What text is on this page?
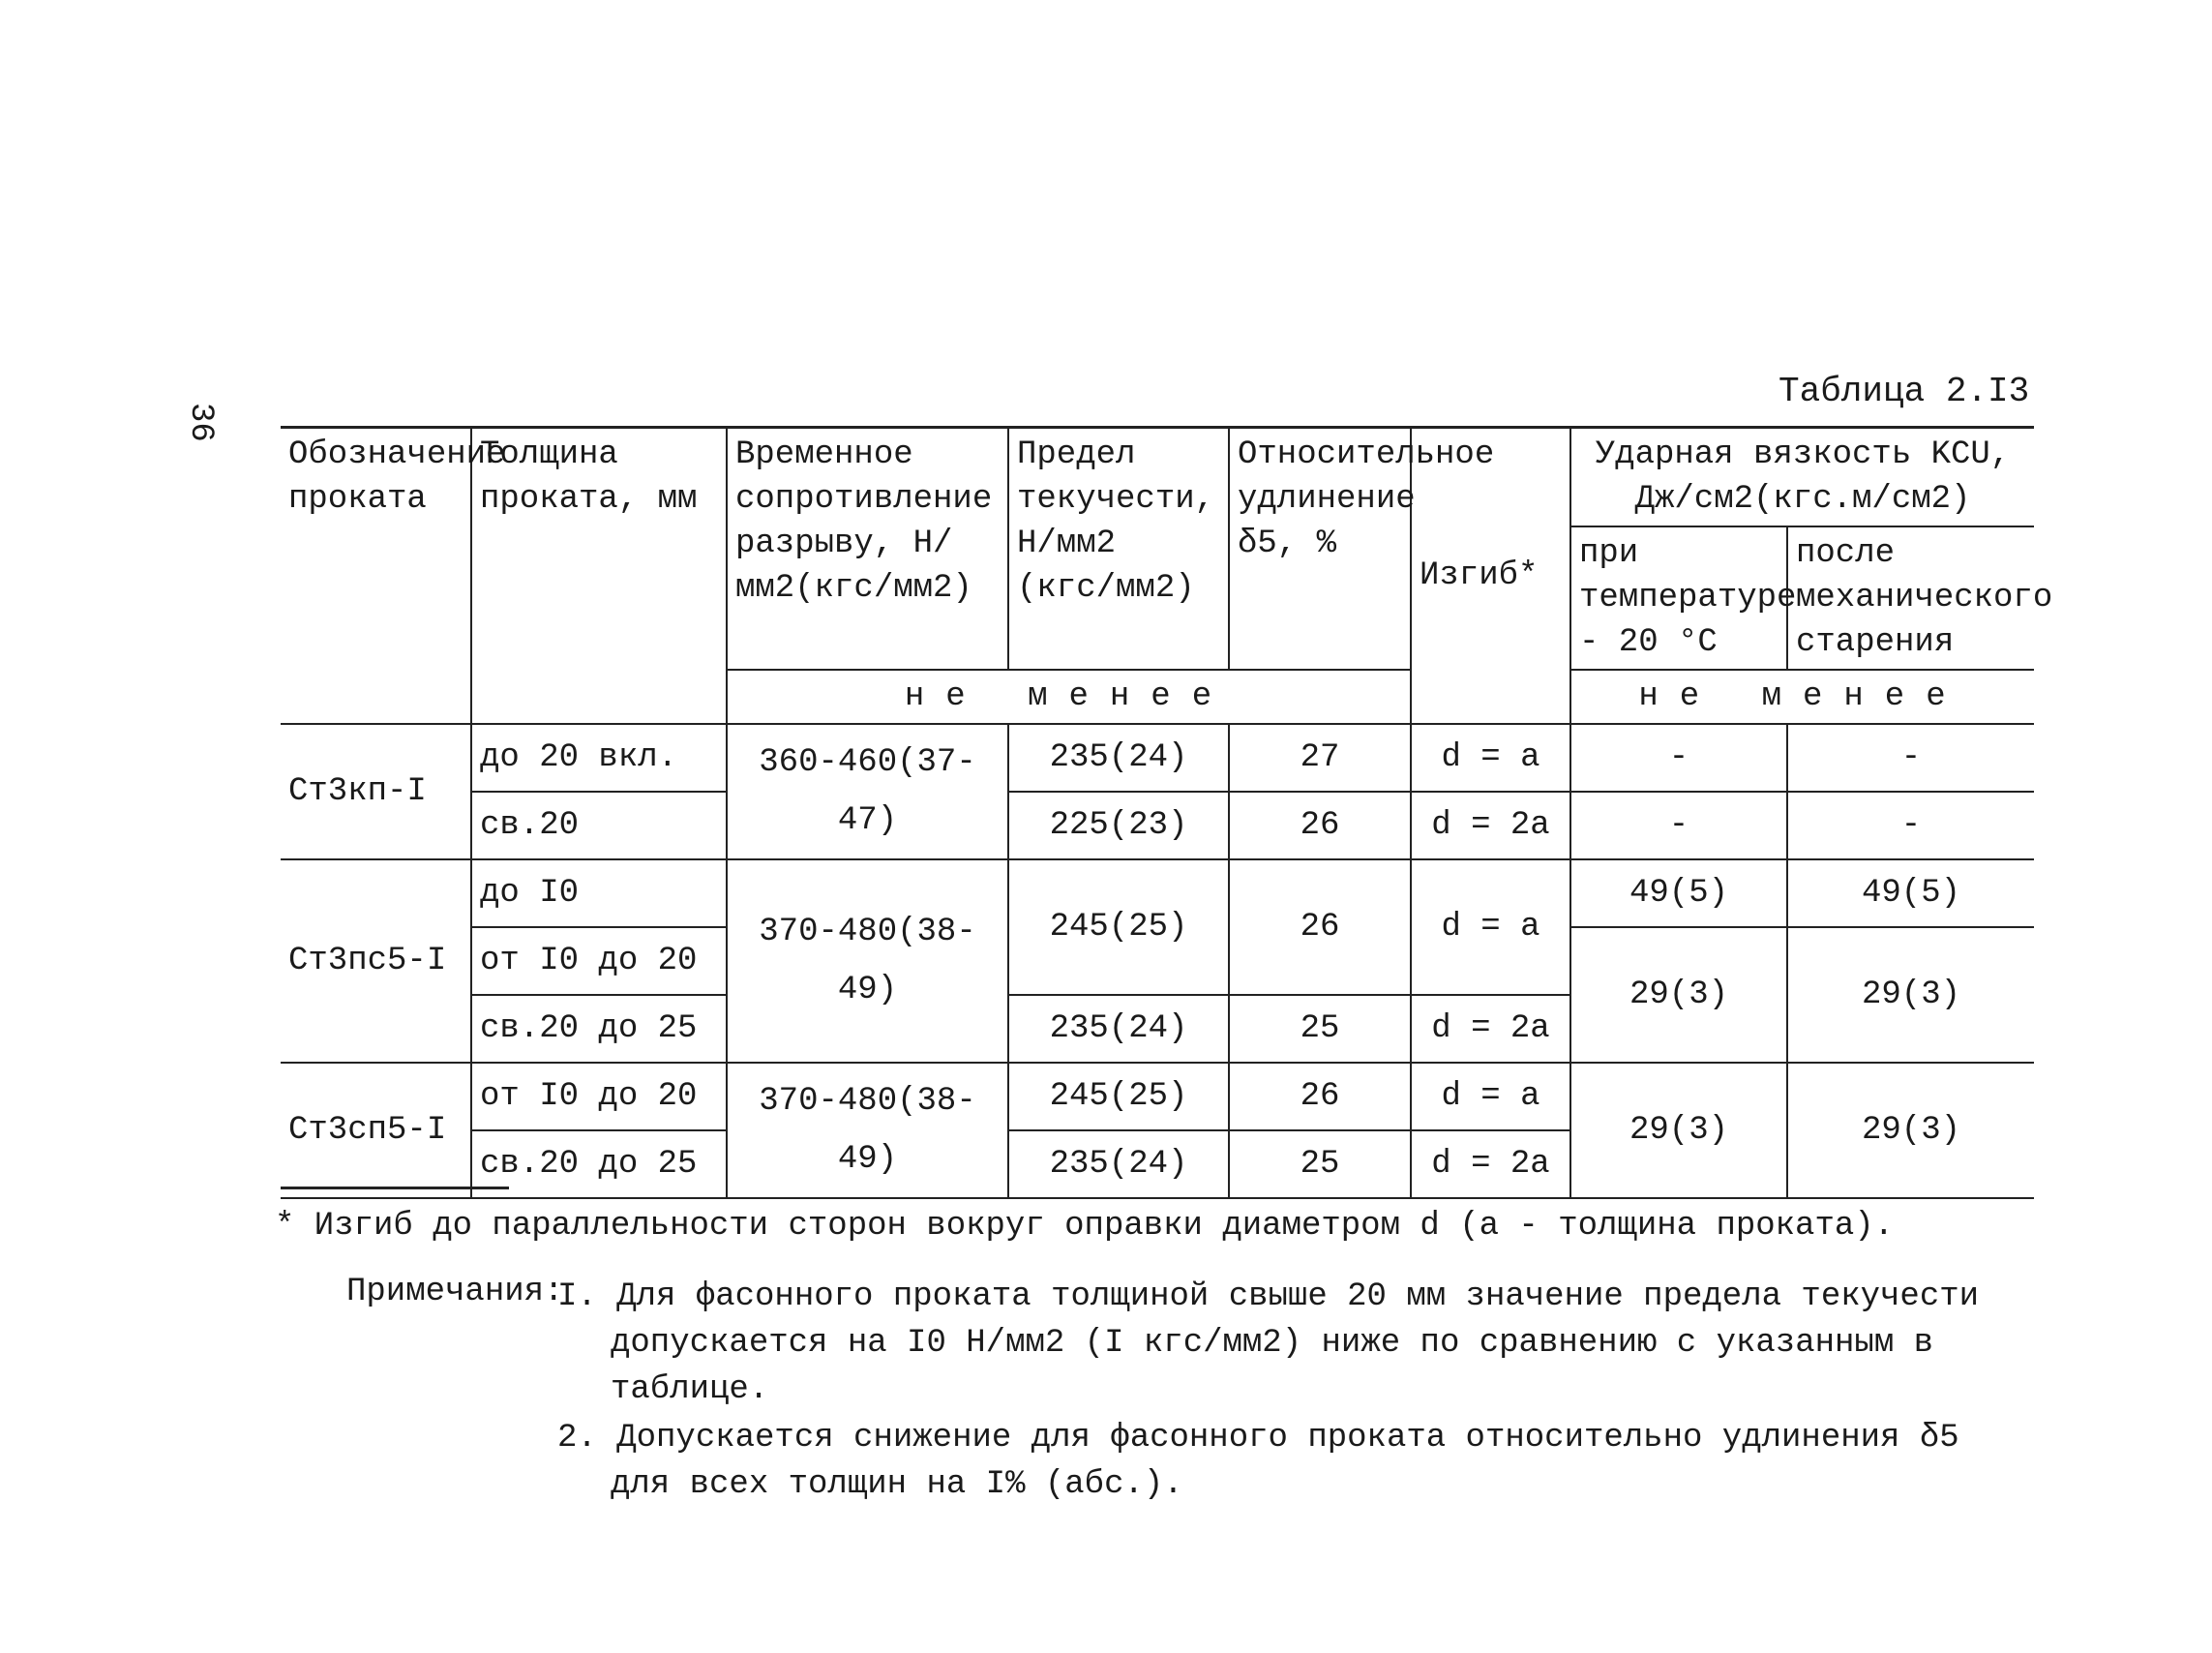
36
Таблица 2.I3
Обозначение проката	Толщина проката, мм	Временное сопротивление разрыву, Н/мм2(кгс/мм2)	Предел текучести, Н/мм2 (кгс/мм2)	Относительное удлинение δ5, %	Изгиб*	Ударная вязкость KCU, Дж/см2(кгс.м/см2)	
						при температуре - 20 °С	после механического старения
		не менее				не менее	
Ст3кп-I	до 20 вкл.	360-460(37-47)	235(24)	27	d = a	-	-
	св.20		225(23)	26	d = 2a	-	-
Ст3пс5-I	до I0	370-480(38-49)	245(25)	26	d = a	49(5)	49(5)
	от I0 до 20					29(3)	29(3)
	св.20 до 25		235(24)	25	d = 2a		
Ст3сп5-I	от I0 до 20	370-480(38-49)	245(25)	26	d = a	29(3)	29(3)
	св.20 до 25		235(24)	25	d = 2a		
* Изгиб до параллельности сторон вокруг оправки диаметром d (а - толщина проката).
Примечания:
I. Для фасонного проката толщиной свыше 20 мм значение предела текучести допускается на I0 Н/мм2 (I кгс/мм2) ниже по сравнению с указанным в таблице.
2. Допускается снижение для фасонного проката относительно удлинения δ5 для всех толщин на I% (абс.).
